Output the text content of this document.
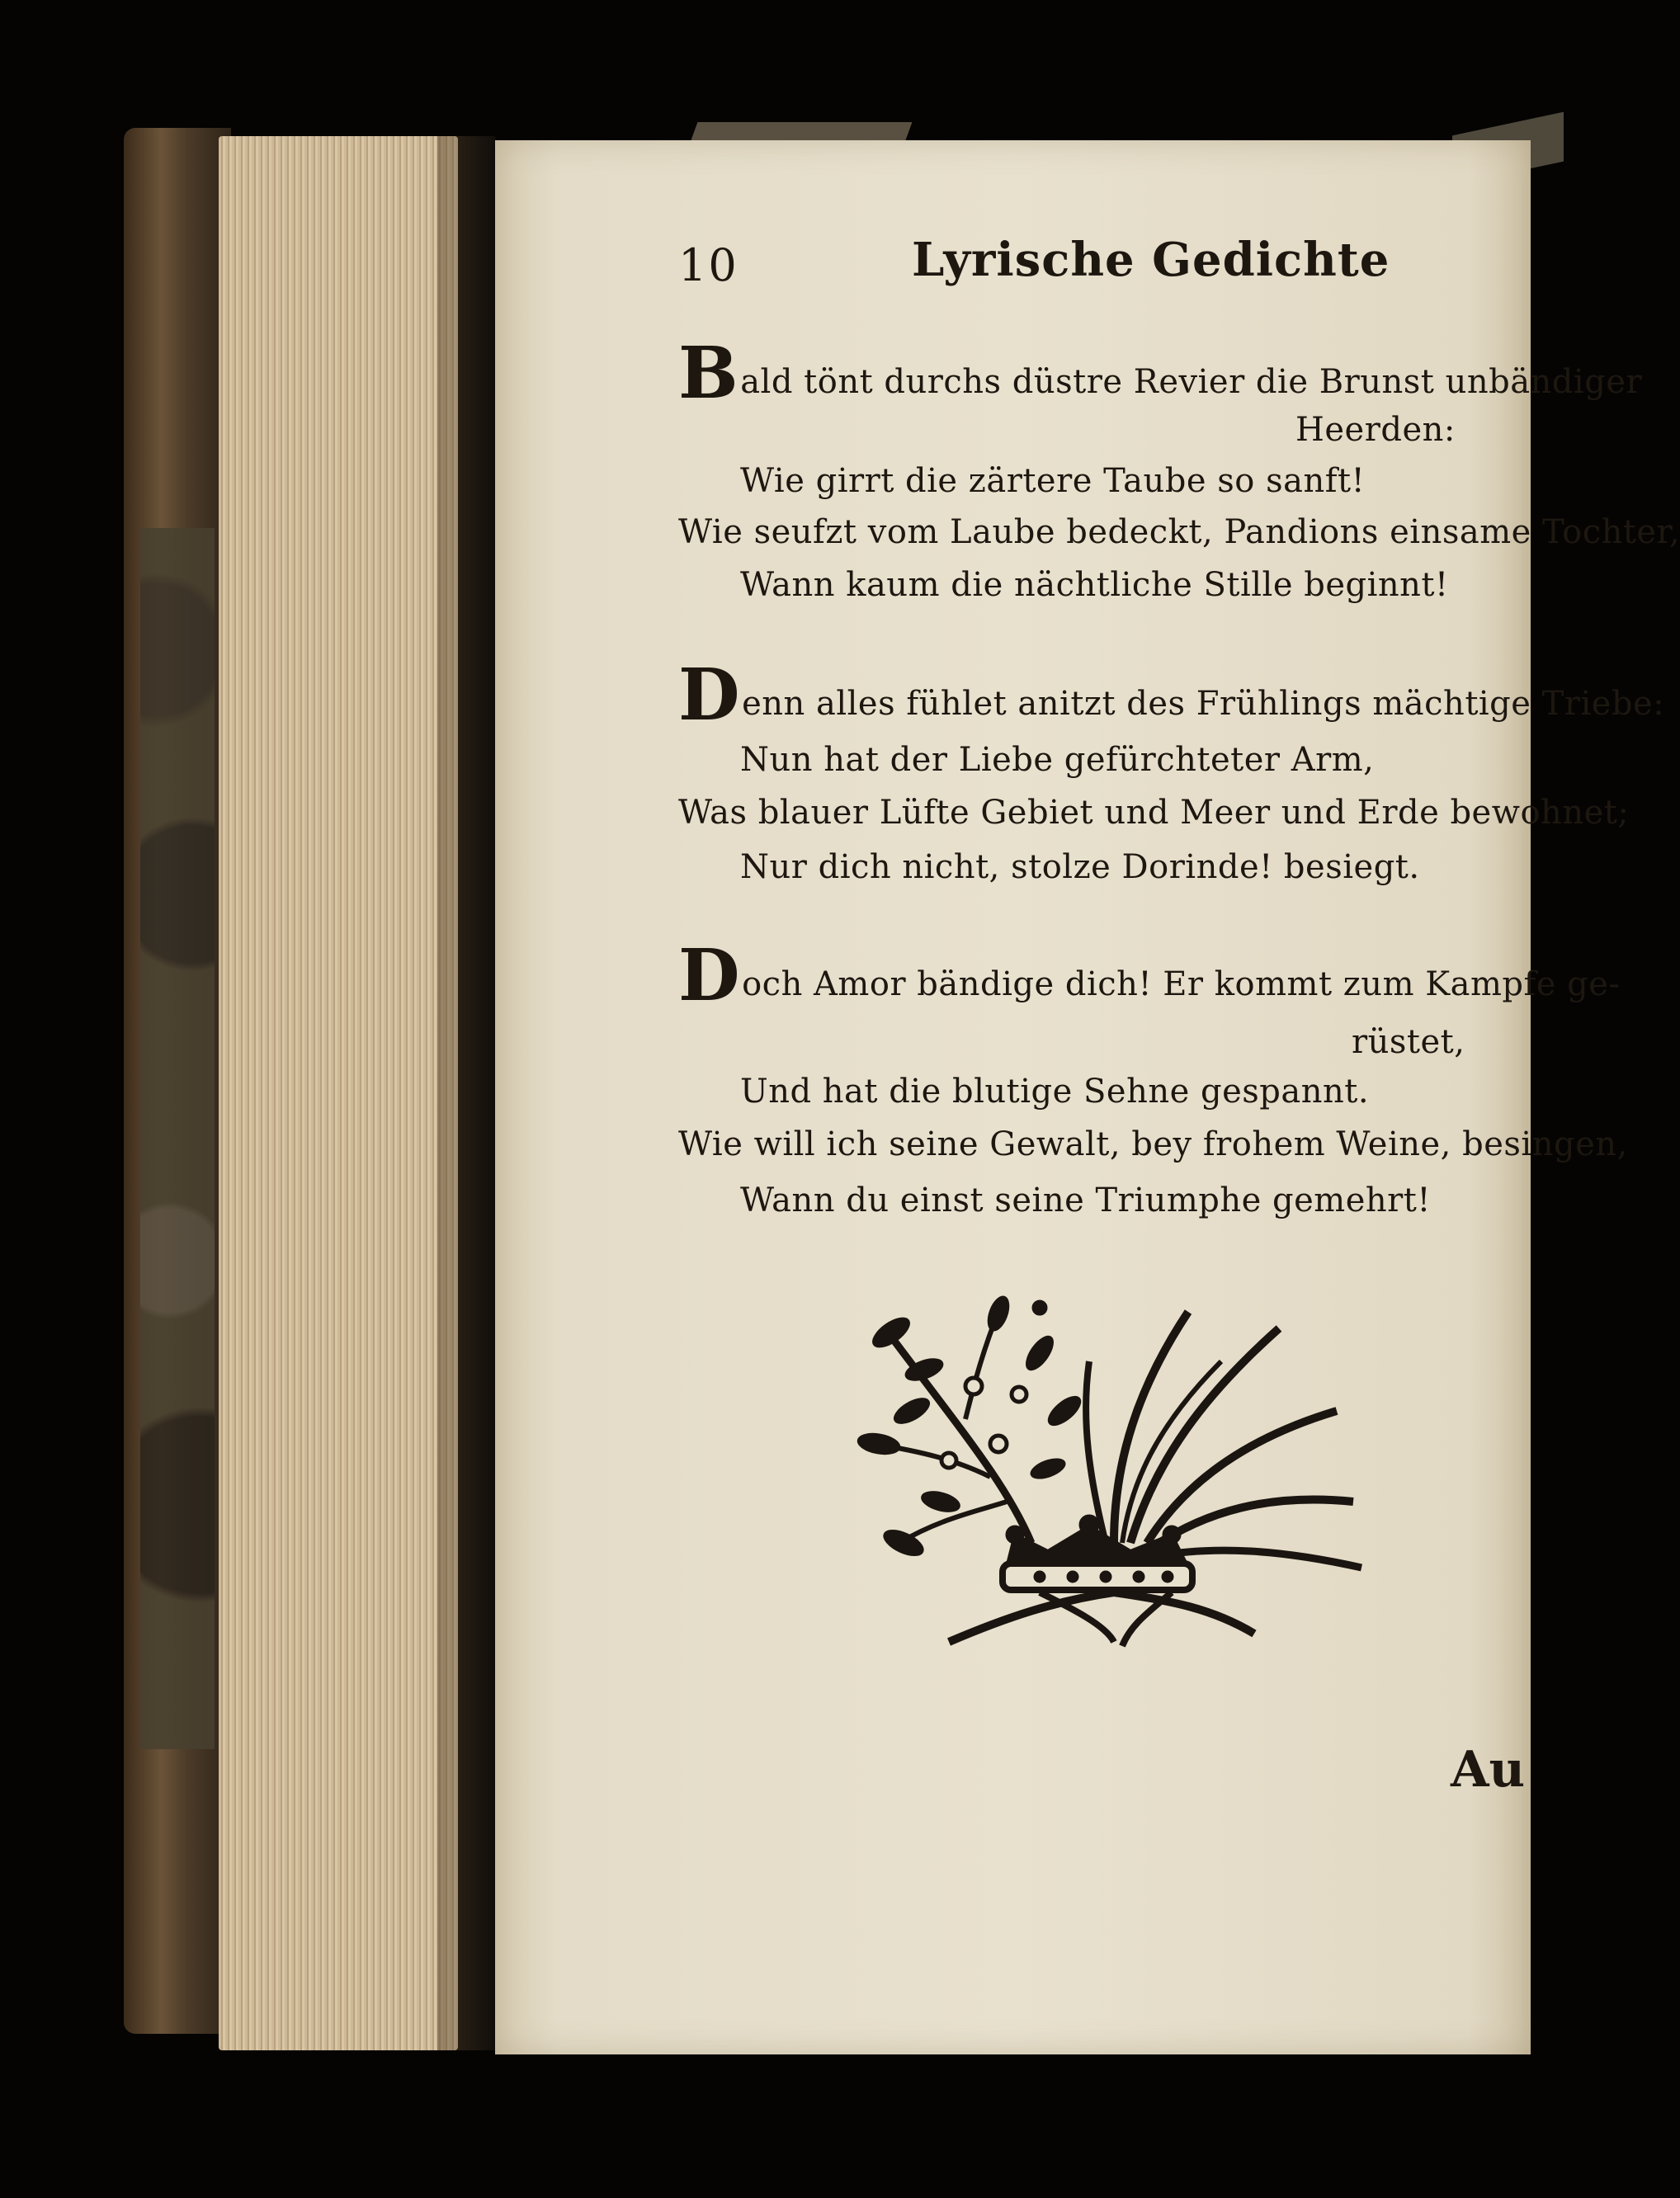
10	Lyrische Gedichte
Bald tönt durchs düstre Revier die Brunst unbändiger
Heerden:
Wie girrt die zärtere Taube so sanft!
Wie seufzt vom Laube bedeckt, Pandions einsame Tochter,
Wann kaum die nächtliche Stille beginnt!
Denn alles fühlet anitzt des Frühlings mächtige Triebe:
Nun hat der Liebe gefürchteter Arm,
Was blauer Lüfte Gebiet und Meer und Erde bewohnet;
Nur dich nicht, stolze Dorinde! besiegt.
Doch Amor bändige dich! Er kommt zum Kampfe ge-
rüstet,
Und hat die blutige Sehne gespannt.
Wie will ich seine Gewalt, bey frohem Weine, besingen,
Wann du einst seine Triumphe gemehrt!
Au
